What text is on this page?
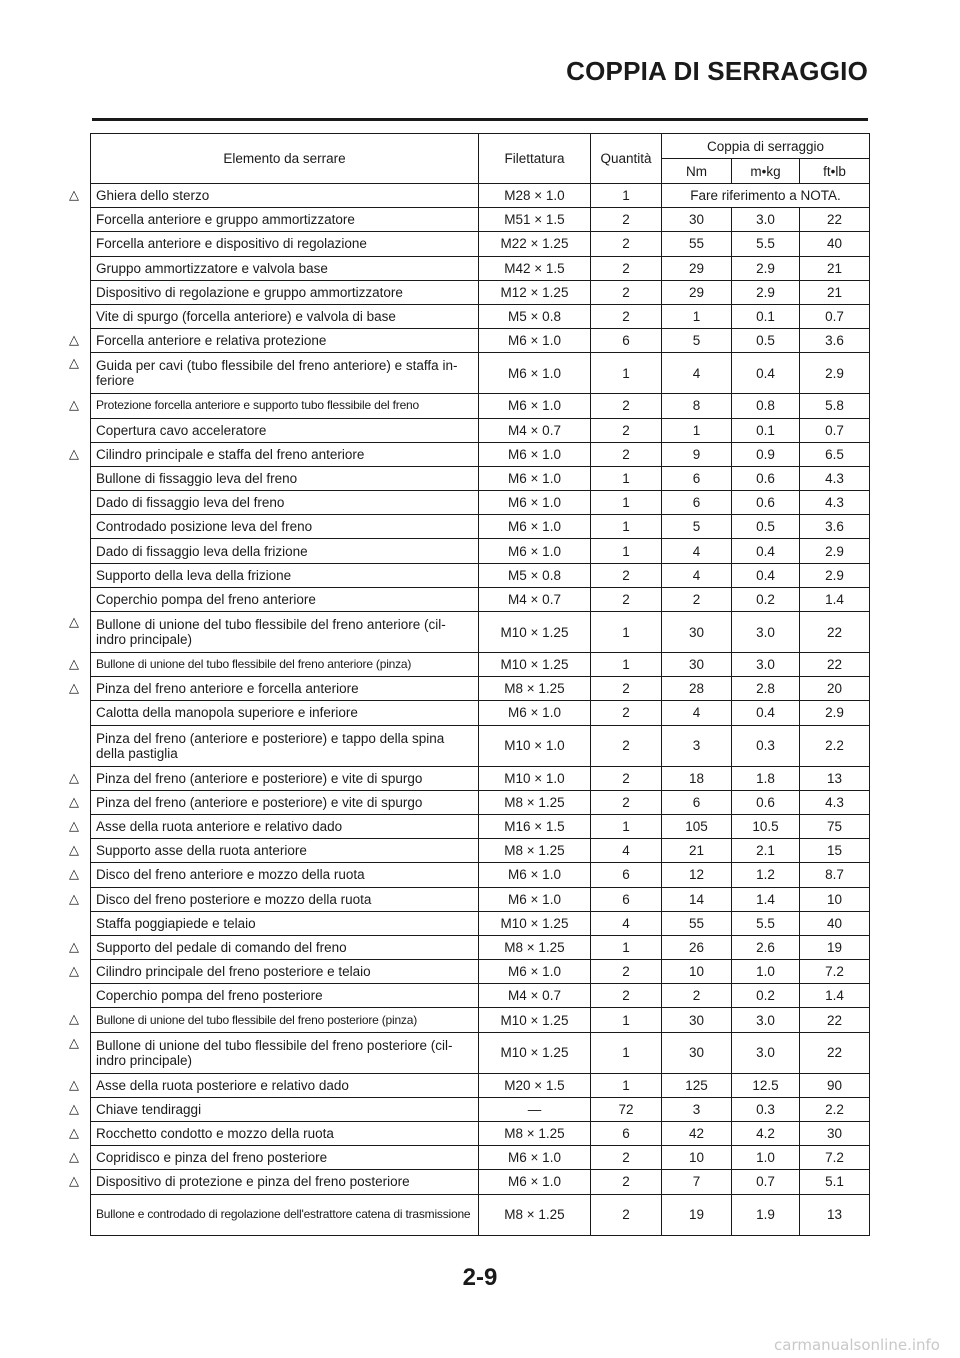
COPPIA DI SERRAGGIO
Elemento da serrare	Filettatura	Quantità	Coppia di serraggio		
			Nm	m•kg	ft•lb
Ghiera dello sterzo	M28 × 1.0	1	Fare riferimento a NOTA.		
Forcella anteriore e gruppo ammortizzatore	M51 × 1.5	2	30	3.0	22
Forcella anteriore e dispositivo di regolazione	M22 × 1.25	2	55	5.5	40
Gruppo ammortizzatore e valvola base	M42 × 1.5	2	29	2.9	21
Dispositivo di regolazione e gruppo ammortizzatore	M12 × 1.25	2	29	2.9	21
Vite di spurgo (forcella anteriore) e valvola di base	M5 × 0.8	2	1	0.1	0.7
Forcella anteriore e relativa protezione	M6 × 1.0	6	5	0.5	3.6
Guida per cavi (tubo flessibile del freno anteriore) e staffa in-feriore	M6 × 1.0	1	4	0.4	2.9
Protezione forcella anteriore e supporto tubo flessibile del freno	M6 × 1.0	2	8	0.8	5.8
Copertura cavo acceleratore	M4 × 0.7	2	1	0.1	0.7
Cilindro principale e staffa del freno anteriore	M6 × 1.0	2	9	0.9	6.5
Bullone di fissaggio leva del freno	M6 × 1.0	1	6	0.6	4.3
Dado di fissaggio leva del freno	M6 × 1.0	1	6	0.6	4.3
Controdado posizione leva del freno	M6 × 1.0	1	5	0.5	3.6
Dado di fissaggio leva della frizione	M6 × 1.0	1	4	0.4	2.9
Supporto della leva della frizione	M5 × 0.8	2	4	0.4	2.9
Coperchio pompa del freno anteriore	M4 × 0.7	2	2	0.2	1.4
Bullone di unione del tubo flessibile del freno anteriore (cil-indro principale)	M10 × 1.25	1	30	3.0	22
Bullone di unione del tubo flessibile del freno anteriore (pinza)	M10 × 1.25	1	30	3.0	22
Pinza del freno anteriore e forcella anteriore	M8 × 1.25	2	28	2.8	20
Calotta della manopola superiore e inferiore	M6 × 1.0	2	4	0.4	2.9
Pinza del freno (anteriore e posteriore) e tappo della spina della pastiglia	M10 × 1.0	2	3	0.3	2.2
Pinza del freno (anteriore e posteriore) e vite di spurgo	M10 × 1.0	2	18	1.8	13
Pinza del freno (anteriore e posteriore) e vite di spurgo	M8 × 1.25	2	6	0.6	4.3
Asse della ruota anteriore e relativo dado	M16 × 1.5	1	105	10.5	75
Supporto asse della ruota anteriore	M8 × 1.25	4	21	2.1	15
Disco del freno anteriore e mozzo della ruota	M6 × 1.0	6	12	1.2	8.7
Disco del freno posteriore e mozzo della ruota	M6 × 1.0	6	14	1.4	10
Staffa poggiapiede e telaio	M10 × 1.25	4	55	5.5	40
Supporto del pedale di comando del freno	M8 × 1.25	1	26	2.6	19
Cilindro principale del freno posteriore e telaio	M6 × 1.0	2	10	1.0	7.2
Coperchio pompa del freno posteriore	M4 × 0.7	2	2	0.2	1.4
Bullone di unione del tubo flessibile del freno posteriore (pinza)	M10 × 1.25	1	30	3.0	22
Bullone di unione del tubo flessibile del freno posteriore (cil-indro principale)	M10 × 1.25	1	30	3.0	22
Asse della ruota posteriore e relativo dado	M20 × 1.5	1	125	12.5	90
Chiave tendiraggi	—	72	3	0.3	2.2
Rocchetto condotto e mozzo della ruota	M8 × 1.25	6	42	4.2	30
Copridisco e pinza del freno posteriore	M6 × 1.0	2	10	1.0	7.2
Dispositivo di protezione e pinza del freno posteriore	M6 × 1.0	2	7	0.7	5.1
Bullone e controdado di regolazione dell'estrattore catena di trasmissione	M8 × 1.25	2	19	1.9	13
△
△
△
△
△
△
△
△
△
△
△
△
△
△
△
△
△
△
△
△
△
△
△
2-9
carmanualsonline.info
